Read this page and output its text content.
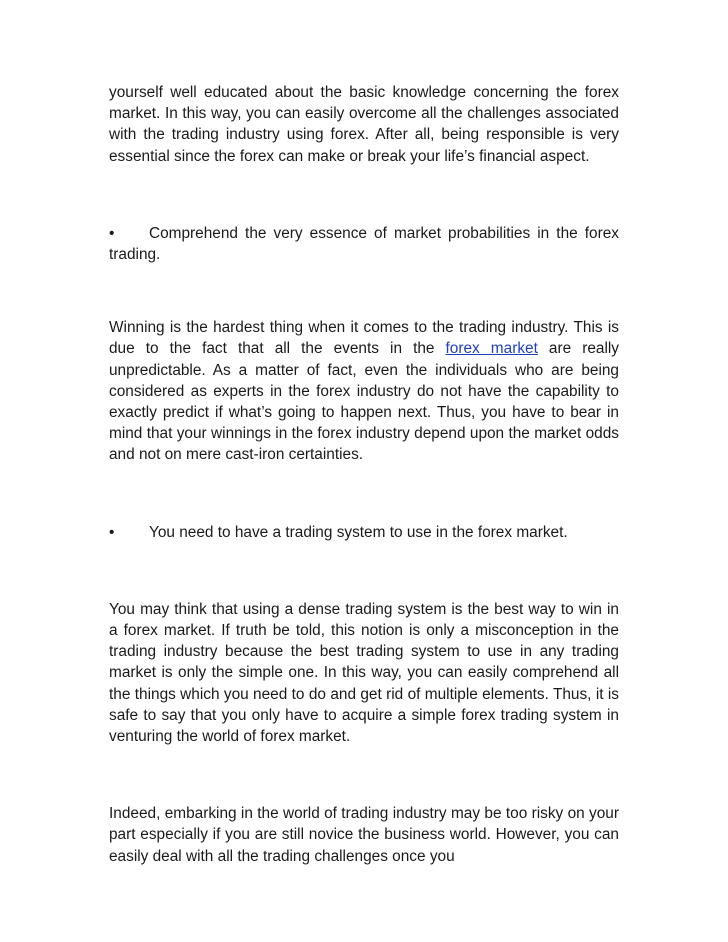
yourself well educated about the basic knowledge concerning the forex market. In this way, you can easily overcome all the challenges associated with the trading industry using forex. After all, being responsible is very essential since the forex can make or break your life’s financial aspect.

• Comprehend the very essence of market probabilities in the forex trading.

Winning is the hardest thing when it comes to the trading industry. This is due to the fact that all the events in the forex market are really unpredictable. As a matter of fact, even the individuals who are being considered as experts in the forex industry do not have the capability to exactly predict if what’s going to happen next. Thus, you have to bear in mind that your winnings in the forex industry depend upon the market odds and not on mere cast-iron certainties.

• You need to have a trading system to use in the forex market.

You may think that using a dense trading system is the best way to win in a forex market. If truth be told, this notion is only a misconception in the trading industry because the best trading system to use in any trading market is only the simple one. In this way, you can easily comprehend all the things which you need to do and get rid of multiple elements. Thus, it is safe to say that you only have to acquire a simple forex trading system in venturing the world of forex market.

Indeed, embarking in the world of trading industry may be too risky on your part especially if you are still novice the business world. However, you can easily deal with all the trading challenges once you
